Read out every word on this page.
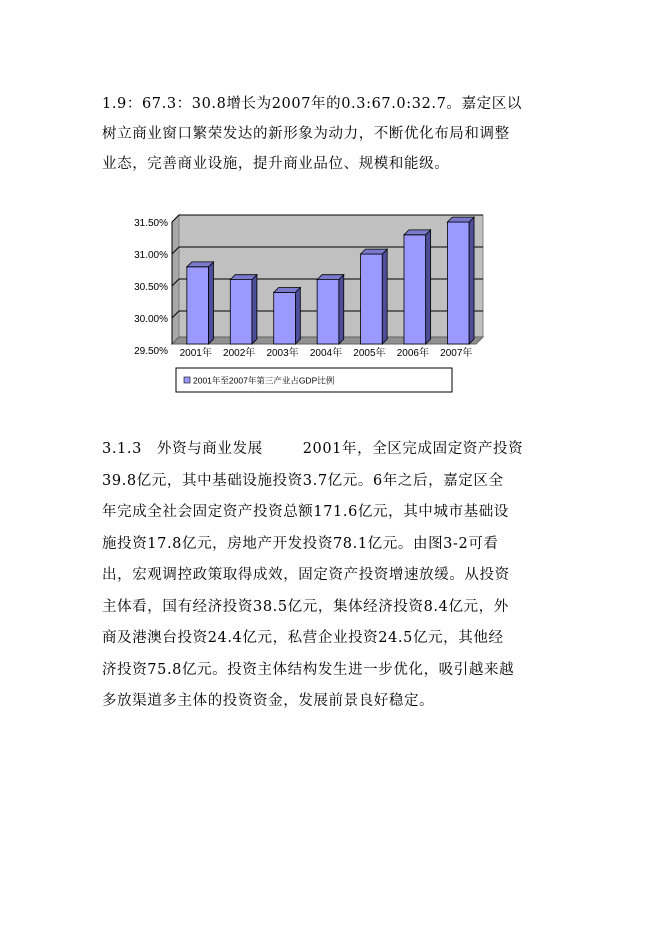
1.9：67.3：30.8增长为2007年的0.3:67.0:32.7。嘉定区以
树立商业窗口繁荣发达的新形象为动力，不断优化布局和调整
业态，完善商业设施，提升商业品位、规模和能级。
29.50%
30.00%
30.50%
31.00%
31.50%
2001年 2002年 2003年 2004年 2005年 2006年 2007年
2001年至2007年第三产业占GDP比例
3.1.3　外资与商业发展	2001年，全区完成固定资产投资
39.8亿元，其中基础设施投资3.7亿元。6年之后，嘉定区全
年完成全社会固定资产投资总额171.6亿元，其中城市基础设
施投资17.8亿元，房地产开发投资78.1亿元。由图3-2可看
出，宏观调控政策取得成效，固定资产投资增速放缓。从投资
主体看，国有经济投资38.5亿元，集体经济投资8.4亿元，外
商及港澳台投资24.4亿元，私营企业投资24.5亿元，其他经
济投资75.8亿元。投资主体结构发生进一步优化，吸引越来越
多放渠道多主体的投资资金，发展前景良好稳定。
